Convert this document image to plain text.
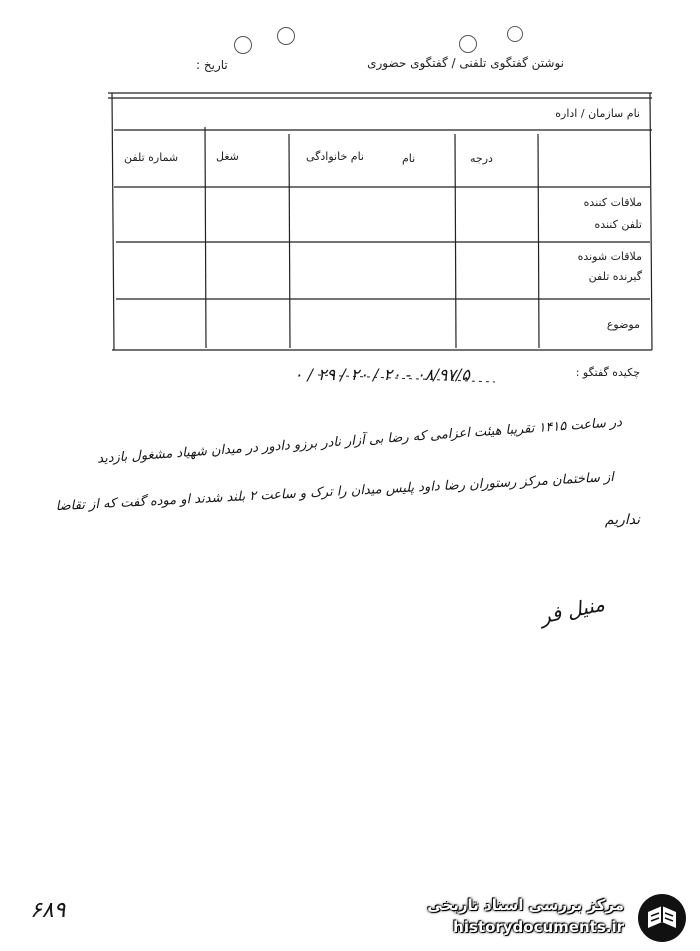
نوشتن گفتگوی تلفنی / گفتگوی حضوری
تاریخ :
نام سازمان / اداره
درجه
نام
نام خانوادگی
شغل
شماره تلفن
ملاقات کننده
تلفن کننده
ملاقات شونده
گیرنده تلفن
موضوع
چکیده گفتگو :
۰۸/۹۷/۵ - ۲۰ / ۲۰ / ۲۹ / ۰
در ساعت ۱۴۱۵ تقریبا هیئت اعزامی که رضا بی آزار نادر برزو دادور در میدان شهیاد مشغول بازدید
از ساختمان مرکز رستوران رضا داود پلیس میدان را ترک و ساعت ۲ بلند شدند او موده گفت که از تقاضا
نداریم
منیل فر
۶۸۹	مرکز بررسی اسناد تاریخی
historydocuments.ir
